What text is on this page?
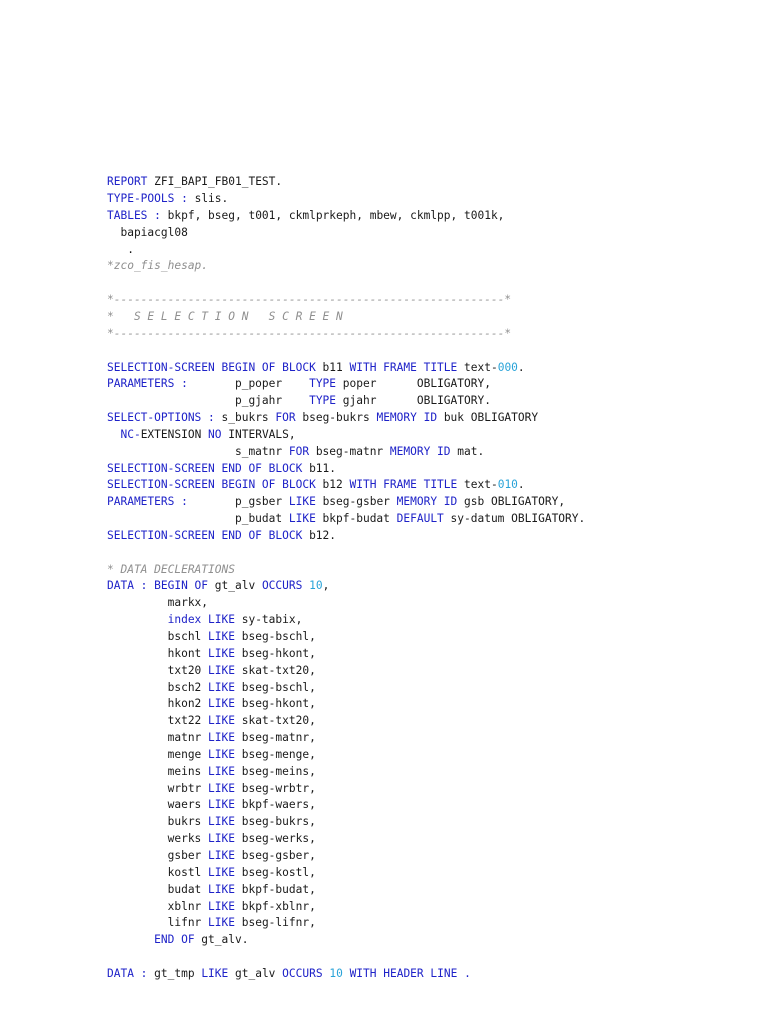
REPORT ZFI_BAPI_FB01_TEST.
TYPE-POOLS : slis.
TABLES : bkpf, bseg, t001, ckmlprkeph, mbew, ckmlpp, t001k,
bapiacgl08
.
*zco_fis_hesap.
*----------------------------------------------------------*
*   S E L E C T I O N   S C R E E N
*----------------------------------------------------------*
SELECTION-SCREEN BEGIN OF BLOCK b11 WITH FRAME TITLE text-000.
PARAMETERS :       p_poper    TYPE poper      OBLIGATORY,
p_gjahr    TYPE gjahr      OBLIGATORY.
SELECT-OPTIONS : s_bukrs FOR bseg-bukrs MEMORY ID buk OBLIGATORY
NC-EXTENSION NO INTERVALS,
s_matnr FOR bseg-matnr MEMORY ID mat.
SELECTION-SCREEN END OF BLOCK b11.
SELECTION-SCREEN BEGIN OF BLOCK b12 WITH FRAME TITLE text-010.
PARAMETERS :       p_gsber LIKE bseg-gsber MEMORY ID gsb OBLIGATORY,
p_budat LIKE bkpf-budat DEFAULT sy-datum OBLIGATORY.
SELECTION-SCREEN END OF BLOCK b12.
* DATA DECLERATIONS
DATA : BEGIN OF gt_alv OCCURS 10,
markx,
index LIKE sy-tabix,
bschl LIKE bseg-bschl,
hkont LIKE bseg-hkont,
txt20 LIKE skat-txt20,
bsch2 LIKE bseg-bschl,
hkon2 LIKE bseg-hkont,
txt22 LIKE skat-txt20,
matnr LIKE bseg-matnr,
menge LIKE bseg-menge,
meins LIKE bseg-meins,
wrbtr LIKE bseg-wrbtr,
waers LIKE bkpf-waers,
bukrs LIKE bseg-bukrs,
werks LIKE bseg-werks,
gsber LIKE bseg-gsber,
kostl LIKE bseg-kostl,
budat LIKE bkpf-budat,
xblnr LIKE bkpf-xblnr,
lifnr LIKE bseg-lifnr,
END OF gt_alv.
DATA : gt_tmp LIKE gt_alv OCCURS 10 WITH HEADER LINE .
